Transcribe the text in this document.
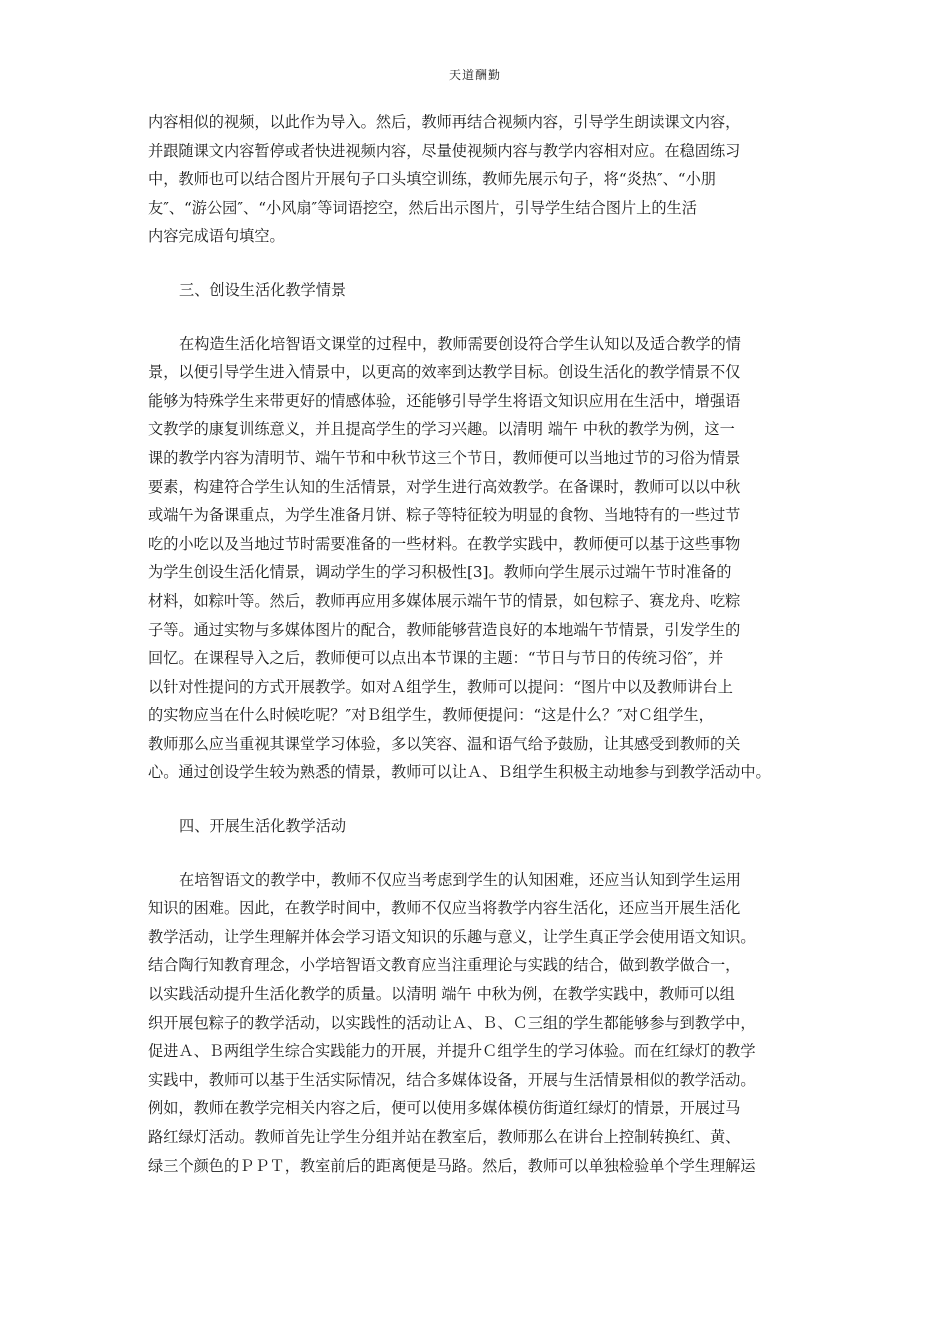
天道酬勤
内容相似的视频，以此作为导入。然后，教师再结合视频内容，引导学生朗读课文内容，
并跟随课文内容暂停或者快进视频内容，尽量使视频内容与教学内容相对应。在稳固练习
中，教师也可以结合图片开展句子口头填空训练，教师先展示句子，将“炎热″、“小朋
友″、“游公园″、“小风扇″等词语挖空，然后出示图片，引导学生结合图片上的生活
内容完成语句填空。
三、创设生活化教学情景
在构造生活化培智语文课堂的过程中，教师需要创设符合学生认知以及适合教学的情
景，以便引导学生进入情景中，以更高的效率到达教学目标。创设生活化的教学情景不仅
能够为特殊学生来带更好的情感体验，还能够引导学生将语文知识应用在生活中，增强语
文教学的康复训练意义，并且提高学生的学习兴趣。以清明 端午 中秋的教学为例，这一
课的教学内容为清明节、端午节和中秋节这三个节日，教师便可以当地过节的习俗为情景
要素，构建符合学生认知的生活情景，对学生进行高效教学。在备课时，教师可以以中秋
或端午为备课重点，为学生准备月饼、粽子等特征较为明显的食物、当地特有的一些过节
吃的小吃以及当地过节时需要准备的一些材料。在教学实践中，教师便可以基于这些事物
为学生创设生活化情景，调动学生的学习积极性[3]。教师向学生展示过端午节时准备的
材料，如粽叶等。然后，教师再应用多媒体展示端午节的情景，如包粽子、赛龙舟、吃粽
子等。通过实物与多媒体图片的配合，教师能够营造良好的本地端午节情景，引发学生的
回忆。在课程导入之后，教师便可以点出本节课的主题：“节日与节日的传统习俗″，并
以针对性提问的方式开展教学。如对Ａ组学生，教师可以提问：“图片中以及教师讲台上
的实物应当在什么时候吃呢？″对Ｂ组学生，教师便提问：“这是什么？″对Ｃ组学生，
教师那么应当重视其课堂学习体验，多以笑容、温和语气给予鼓励，让其感受到教师的关
心。通过创设学生较为熟悉的情景，教师可以让Ａ、Ｂ组学生积极主动地参与到教学活动中。
四、开展生活化教学活动
在培智语文的教学中，教师不仅应当考虑到学生的认知困难，还应当认知到学生运用
知识的困难。因此，在教学时间中，教师不仅应当将教学内容生活化，还应当开展生活化
教学活动，让学生理解并体会学习语文知识的乐趣与意义，让学生真正学会使用语文知识。
结合陶行知教育理念，小学培智语文教育应当注重理论与实践的结合，做到教学做合一，
以实践活动提升生活化教学的质量。以清明 端午 中秋为例，在教学实践中，教师可以组
织开展包粽子的教学活动，以实践性的活动让Ａ、Ｂ、Ｃ三组的学生都能够参与到教学中，
促进Ａ、Ｂ两组学生综合实践能力的开展，并提升Ｃ组学生的学习体验。而在红绿灯的教学
实践中，教师可以基于生活实际情况，结合多媒体设备，开展与生活情景相似的教学活动。
例如，教师在教学完相关内容之后，便可以使用多媒体模仿街道红绿灯的情景，开展过马
路红绿灯活动。教师首先让学生分组并站在教室后，教师那么在讲台上控制转换红、黄、
绿三个颜色的ＰＰＴ，教室前后的距离便是马路。然后，教师可以单独检验单个学生理解运
